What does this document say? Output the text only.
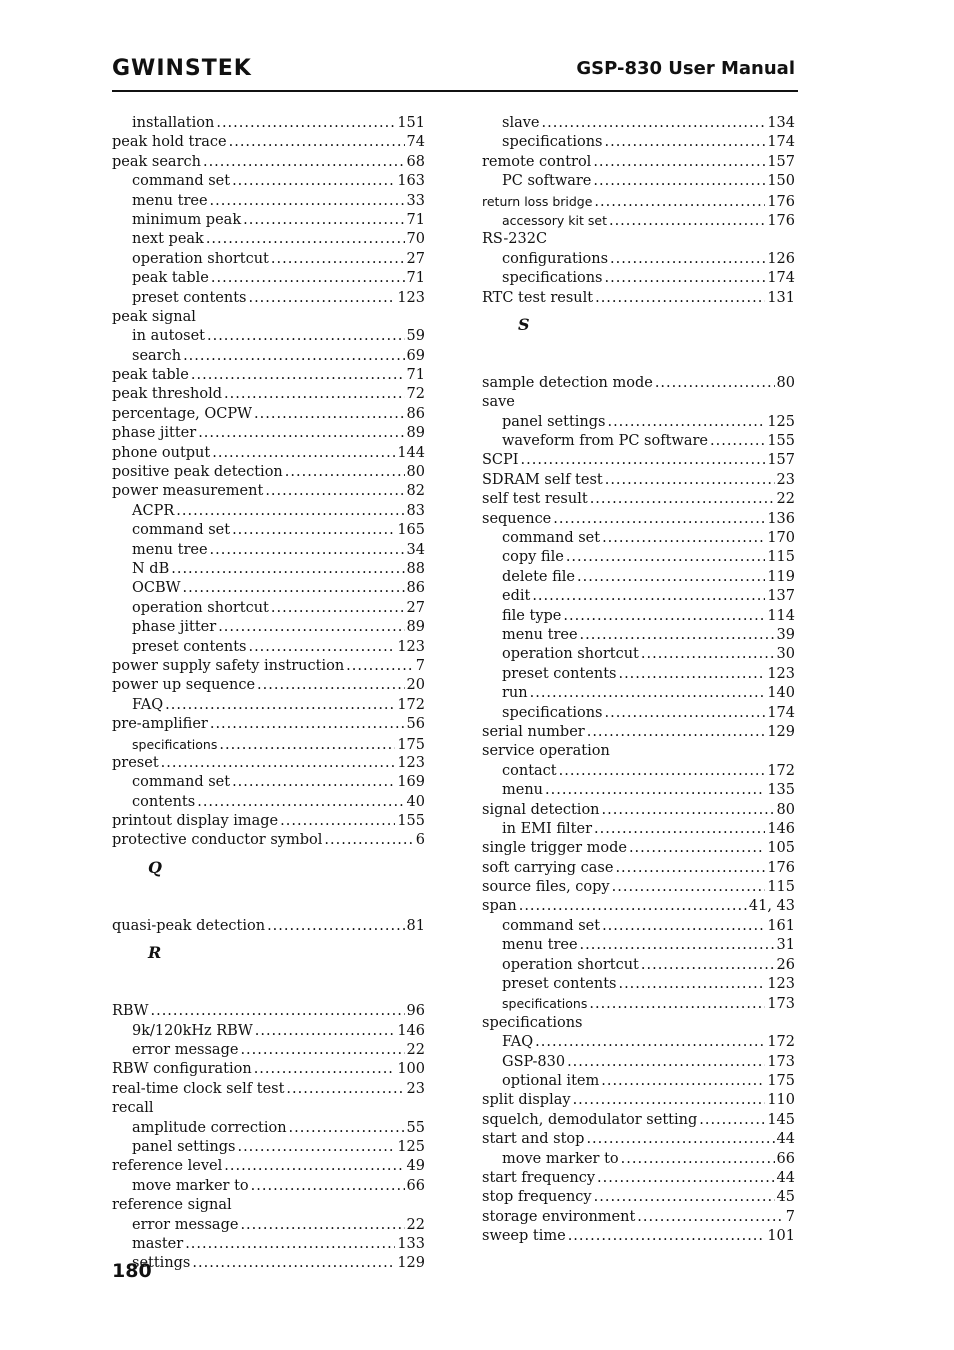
GWINSTEK	GSP-830 User Manual
installation .....	151
peak hold trace .....	74
peak search .....	68
command set .....	163
menu tree .....	33
minimum peak .....	71
next peak .....	70
operation shortcut .....	27
peak table .....	71
preset contents .....	123
peak signal
in autoset .....	59
search .....	69
peak table .....	71
peak threshold .....	72
percentage, OCPW .....	86
phase jitter .....	89
phone output .....	144
positive peak detection .....	80
power measurement .....	82
ACPR .....	83
command set .....	165
menu tree .....	34
N dB .....	88
OCBW .....	86
operation shortcut .....	27
phase jitter .....	89
preset contents .....	123
power supply safety instruction .....	7
power up sequence .....	20
FAQ .....	172
pre-amplifier .....	56
specifications .....	175
preset .....	123
command set .....	169
contents .....	40
printout display image .....	155
protective conductor symbol .....	6
Q
quasi-peak detection .....	81
R
RBW .....	96
9k/120kHz RBW .....	146
error message .....	22
RBW configuration .....	100
real-time clock self test .....	23
recall
amplitude correction .....	55
panel settings .....	125
reference level .....	49
move marker to .....	66
reference signal
error message .....	22
master .....	133
settings .....	129
slave .....	134
specifications .....	174
remote control .....	157
PC software .....	150
return loss bridge .....	176
accessory kit set .....	176
RS-232C
configurations .....	126
specifications .....	174
RTC test result .....	131
S
sample detection mode .....	80
save
panel settings .....	125
waveform from PC software .....	155
SCPI .....	157
SDRAM self test .....	23
self test result .....	22
sequence .....	136
command set .....	170
copy file .....	115
delete file .....	119
edit .....	137
file type .....	114
menu tree .....	39
operation shortcut .....	30
preset contents .....	123
run .....	140
specifications .....	174
serial number .....	129
service operation
contact .....	172
menu .....	135
signal detection .....	80
in EMI filter .....	146
single trigger mode .....	105
soft carrying case .....	176
source files, copy .....	115
span .....	41, 43
command set .....	161
menu tree .....	31
operation shortcut .....	26
preset contents .....	123
specifications .....	173
specifications
FAQ .....	172
GSP-830 .....	173
optional item .....	175
split display .....	110
squelch, demodulator setting .....	145
start and stop .....	44
move marker to .....	66
start frequency .....	44
stop frequency .....	45
storage environment .....	7
sweep time .....	101
180
